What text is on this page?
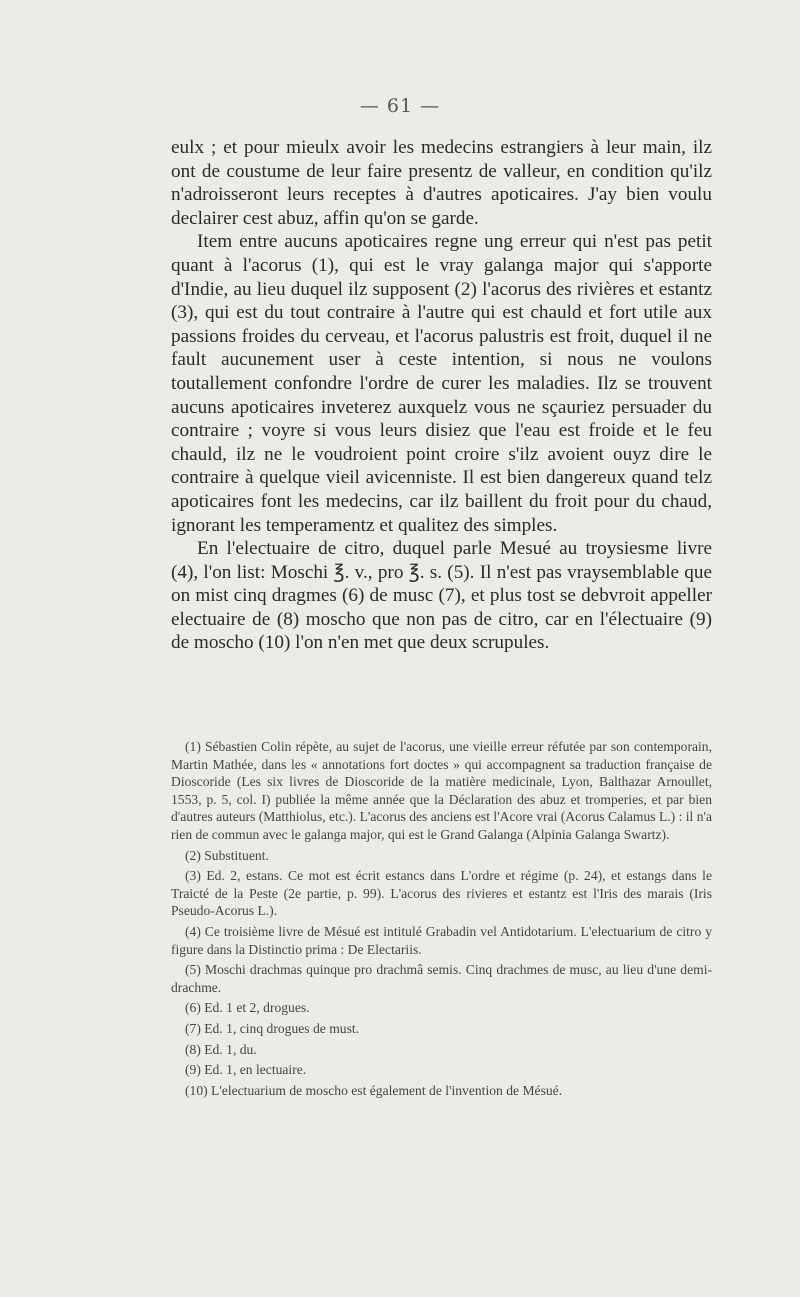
— 61 —

eulx ; et pour mieulx avoir les medecins estrangiers à leur main, ilz ont de coustume de leur faire presentz de valleur, en condition qu'ilz n'adroisseront leurs receptes à d'autres apoticaires. J'ay bien voulu declairer cest abuz, affin qu'on se garde.

Item entre aucuns apoticaires regne ung erreur qui n'est pas petit quant à l'acorus (1), qui est le vray galanga major qui s'apporte d'Indie, au lieu duquel ilz supposent (2) l'acorus des rivières et estantz (3), qui est du tout contraire à l'autre qui est chauld et fort utile aux passions froides du cerveau, et l'acorus palustris est froit, duquel il ne fault aucunement user à ceste intention, si nous ne voulons toutallement confondre l'ordre de curer les maladies. Ilz se trouvent aucuns apoticaires inveterez auxquelz vous ne sçauriez persuader du contraire ; voyre si vous leurs disiez que l'eau est froide et le feu chauld, ilz ne le voudroient point croire s'ilz avoient ouyz dire le contraire à quelque vieil avicenniste. Il est bien dangereux quand telz apoticaires font les medecins, car ilz baillent du froit pour du chaud, ignorant les temperamentz et qualitez des simples.

En l'electuaire de citro, duquel parle Mesué au troysiesme livre (4), l'on list: Moschi ℥. v., pro ℥. s. (5). Il n'est pas vraysemblable que on mist cinq dragmes (6) de musc (7), et plus tost se debvroit appeller electuaire de (8) moscho que non pas de citro, car en l'électuaire (9) de moscho (10) l'on n'en met que deux scrupules.

(1) Sébastien Colin répète, au sujet de l'acorus, une vieille erreur réfutée par son contemporain, Martin Mathée, dans les « annotations fort doctes » qui accompagnent sa traduction française de Dioscoride (Les six livres de Dioscoride de la matière medicinale, Lyon, Balthazar Arnoullet, 1553, p. 5, col. I) publiée la même année que la Déclaration des abuz et tromperies, et par bien d'autres auteurs (Matthiolus, etc.). L'acorus des anciens est l'Acore vrai (Acorus Calamus L.) : il n'a rien de commun avec le galanga major, qui est le Grand Galanga (Alpinia Galanga Swartz).

(2) Substituent.

(3) Ed. 2, estans. Ce mot est écrit estancs dans L'ordre et régime (p. 24), et estangs dans le Traicté de la Peste (2e partie, p. 99). L'acorus des rivieres et estantz est l'Iris des marais (Iris Pseudo-Acorus L.).

(4) Ce troisième livre de Mésué est intitulé Grabadin vel Antidotarium. L'electuarium de citro y figure dans la Distinctio prima : De Electariis.

(5) Moschi drachmas quinque pro drachmâ semis. Cinq drachmes de musc, au lieu d'une demi-drachme.

(6) Ed. 1 et 2, drogues.

(7) Ed. 1, cinq drogues de must.

(8) Ed. 1, du.

(9) Ed. 1, en lectuaire.

(10) L'electuarium de moscho est également de l'invention de Mésué.
